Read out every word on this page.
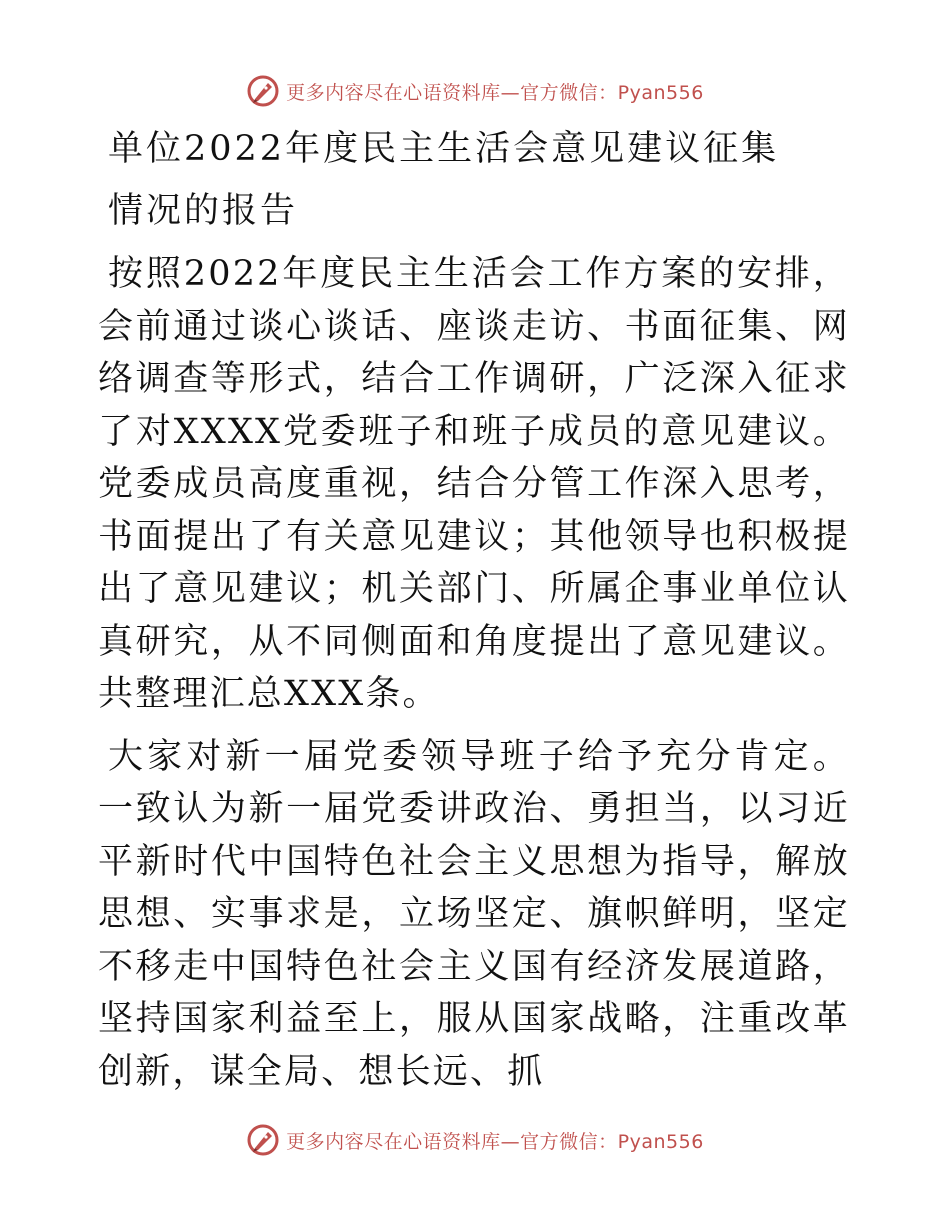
更多内容尽在心语资料库—官方微信：Pyan556

单位2022年度民主生活会意见建议征集

情况的报告

按照2022年度民主生活会工作方案的安排，会前通过谈心谈话、座谈走访、书面征集、网络调查等形式，结合工作调研，广泛深入征求了对XXXX党委班子和班子成员的意见建议。党委成员高度重视，结合分管工作深入思考，书面提出了有关意见建议；其他领导也积极提出了意见建议；机关部门、所属企事业单位认真研究，从不同侧面和角度提出了意见建议。共整理汇总XXX条。

大家对新一届党委领导班子给予充分肯定。一致认为新一届党委讲政治、勇担当，以习近平新时代中国特色社会主义思想为指导，解放思想、实事求是，立场坚定、旗帜鲜明，坚定不移走中国特色社会主义国有经济发展道路，坚持国家利益至上，服从国家战略，注重改革创新，谋全局、想长远、抓

更多内容尽在心语资料库—官方微信：Pyan556
